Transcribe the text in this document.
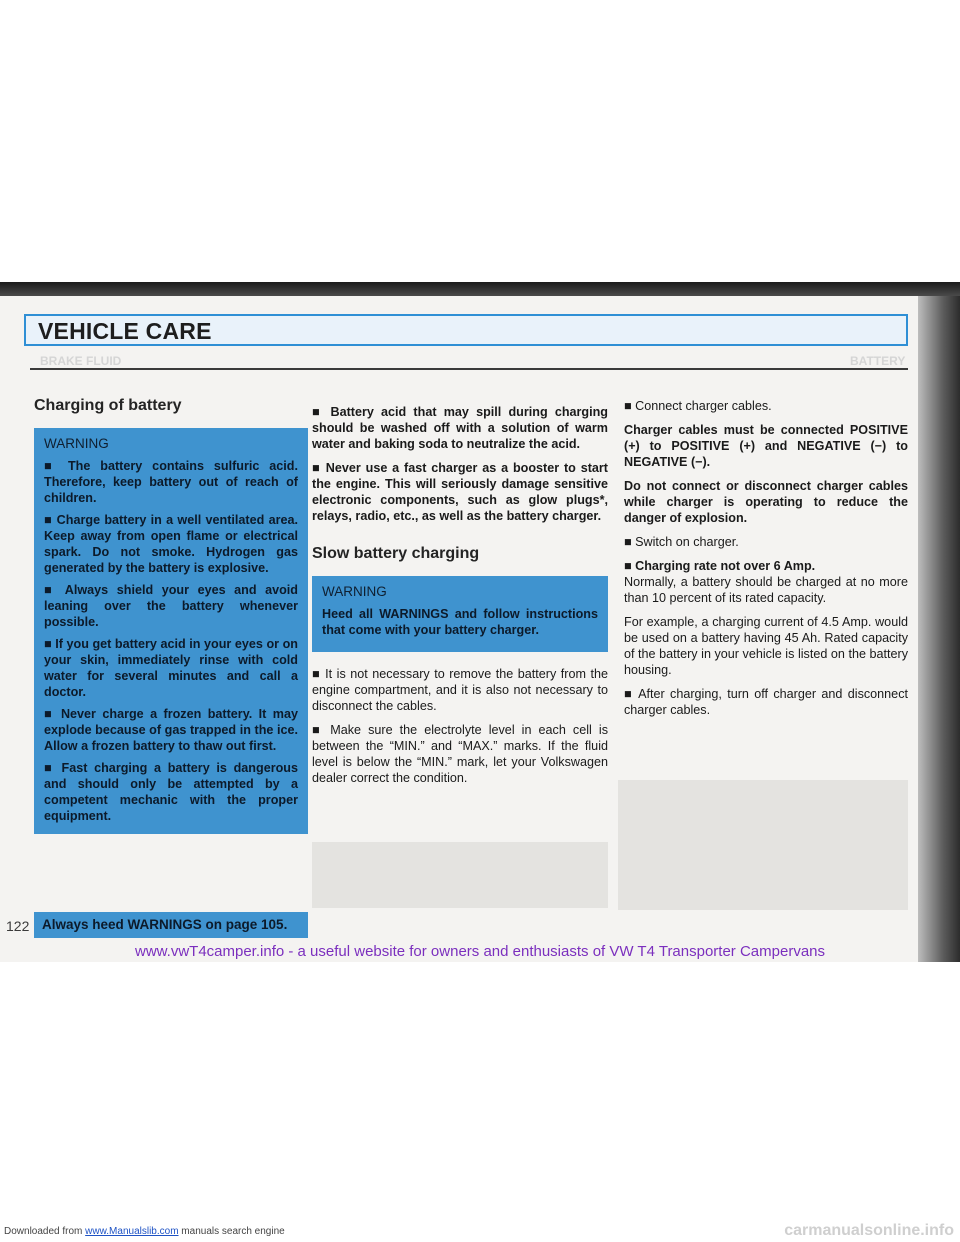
VEHICLE CARE
BRAKE FLUID	BATTERY
Charging of battery
WARNING

■ The battery contains sulfuric acid. Therefore, keep battery out of reach of children.

■ Charge battery in a well ventilated area. Keep away from open flame or electrical spark. Do not smoke. Hydrogen gas generated by the battery is explosive.

■ Always shield your eyes and avoid leaning over the battery whenever possible.

■ If you get battery acid in your eyes or on your skin, immediately rinse with cold water for several minutes and call a doctor.

■ Never charge a frozen battery. It may explode because of gas trapped in the ice. Allow a frozen battery to thaw out first.

■ Fast charging a battery is dangerous and should only be attempted by a competent mechanic with the proper equipment.

■ Battery acid that may spill during charging should be washed off with a solution of warm water and baking soda to neutralize the acid.

■ Never use a fast charger as a booster to start the engine. This will seriously damage sensitive electronic components, such as glow plugs*, relays, radio, etc., as well as the battery charger.

Slow battery charging
WARNING

Heed all WARNINGS and follow instructions that come with your battery charger.

■ It is not necessary to remove the battery from the engine compartment, and it is also not necessary to disconnect the cables.

■ Make sure the electrolyte level in each cell is between the “MIN.” and “MAX.” marks. If the fluid level is below the “MIN.” mark, let your Volkswagen dealer correct the condition.

■ Connect charger cables.

Charger cables must be connected POSITIVE (+) to POSITIVE (+) and NEGATIVE (−) to NEGATIVE (−).

Do not connect or disconnect charger cables while charger is operating to reduce the danger of explosion.

■ Switch on charger.

■ Charging rate not over 6 Amp.

Normally, a battery should be charged at no more than 10 percent of its rated capacity.

For example, a charging current of 4.5 Amp. would be used on a battery having 45 Ah. Rated capacity of the battery in your vehicle is listed on the battery housing.

■ After charging, turn off charger and disconnect charger cables.

122 Always heed WARNINGS on page 105.
www.vwT4camper.info - a useful website for owners and enthusiasts of VW T4 Transporter Campervans
Downloaded from www.Manualslib.com manuals search engine	carmanualsonline.info
